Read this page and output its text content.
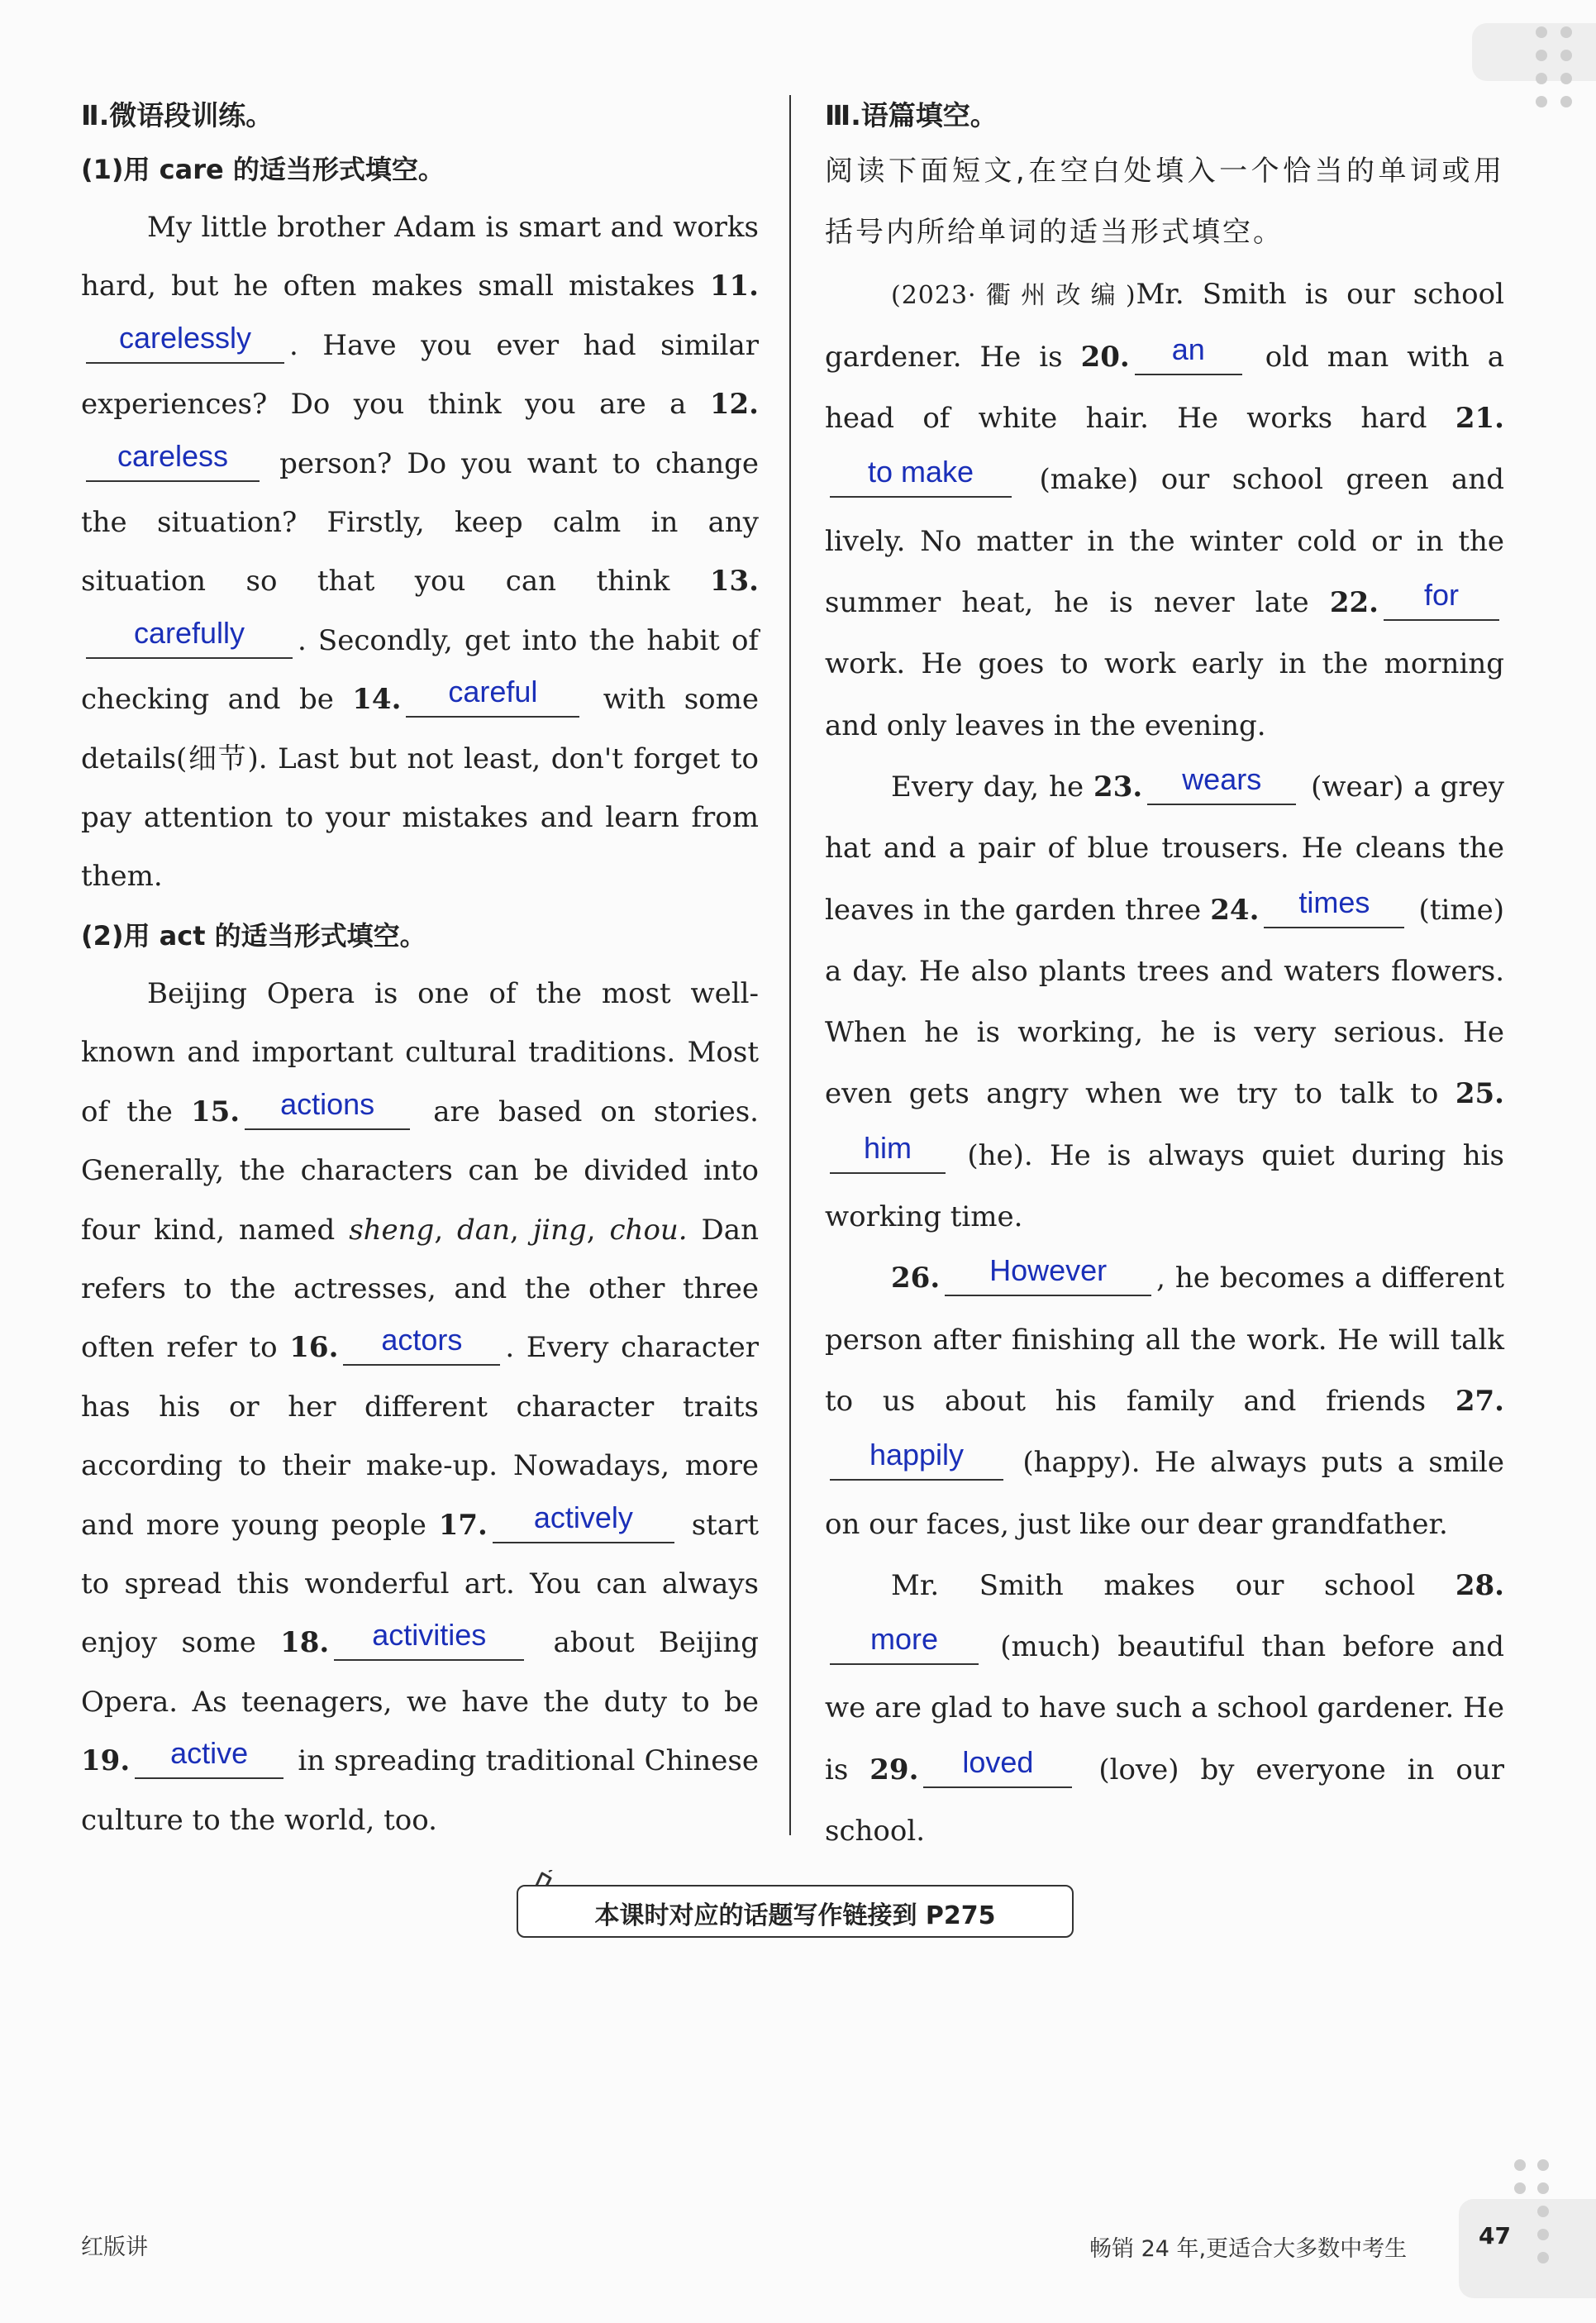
Ⅱ.微语段训练。

(1)用 care 的适当形式填空。

My little brother Adam is smart and works hard, but he often makes small mistakes 11.carelessly . Have you ever had similar experiences? Do you think you are a 12.careless person? Do you want to change the situation? Firstly, keep calm in any situation so that you can think 13.carefully . Secondly, get into the habit of checking and be 14. careful with some details(细节). Last but not least, don't forget to pay attention to your mistakes and learn from them.

(2)用 act 的适当形式填空。

Beijing Opera is one of the most well-known and important cultural traditions. Most of the 15. actions are based on stories. Generally, the characters can be divided into four kind, named sheng, dan, jing, chou. Dan refers to the actresses, and the other three often refer to 16. actors . Every character has his or her different character traits according to their make-up. Nowadays, more and more young people 17. actively start to spread this wonderful art. You can always enjoy some 18. activities about Beijing Opera. As teenagers, we have the duty to be 19. active in spreading traditional Chinese culture to the world, too.

Ⅲ.语篇填空。

阅读下面短文,在空白处填入一个恰当的单词或用括号内所给单词的适当形式填空。

(2023·衢州改编)Mr. Smith is our school gardener. He is 20. an old man with a head of white hair. He works hard 21.to make (make) our school green and lively. No matter in the winter cold or in the summer heat, he is never late 22. for work. He goes to work early in the morning and only leaves in the evening.

Every day, he 23. wears (wear) a grey hat and a pair of blue trousers. He cleans the leaves in the garden three 24. times (time) a day. He also plants trees and waters flowers. When he is working, he is very serious. He even gets angry when we try to talk to 25.him (he). He is always quiet during his working time.

26. However , he becomes a different person after finishing all the work. He will talk to us about his family and friends 27.happily (happy). He always puts a smile on our faces, just like our dear grandfather.

Mr. Smith makes our school 28.more (much) beautiful than before and we are glad to have such a school gardener. He is 29. loved (love) by everyone in our school.

本课时对应的话题写作链接到 P275
红版讲	畅销 24 年,更适合大多数中考生	47
